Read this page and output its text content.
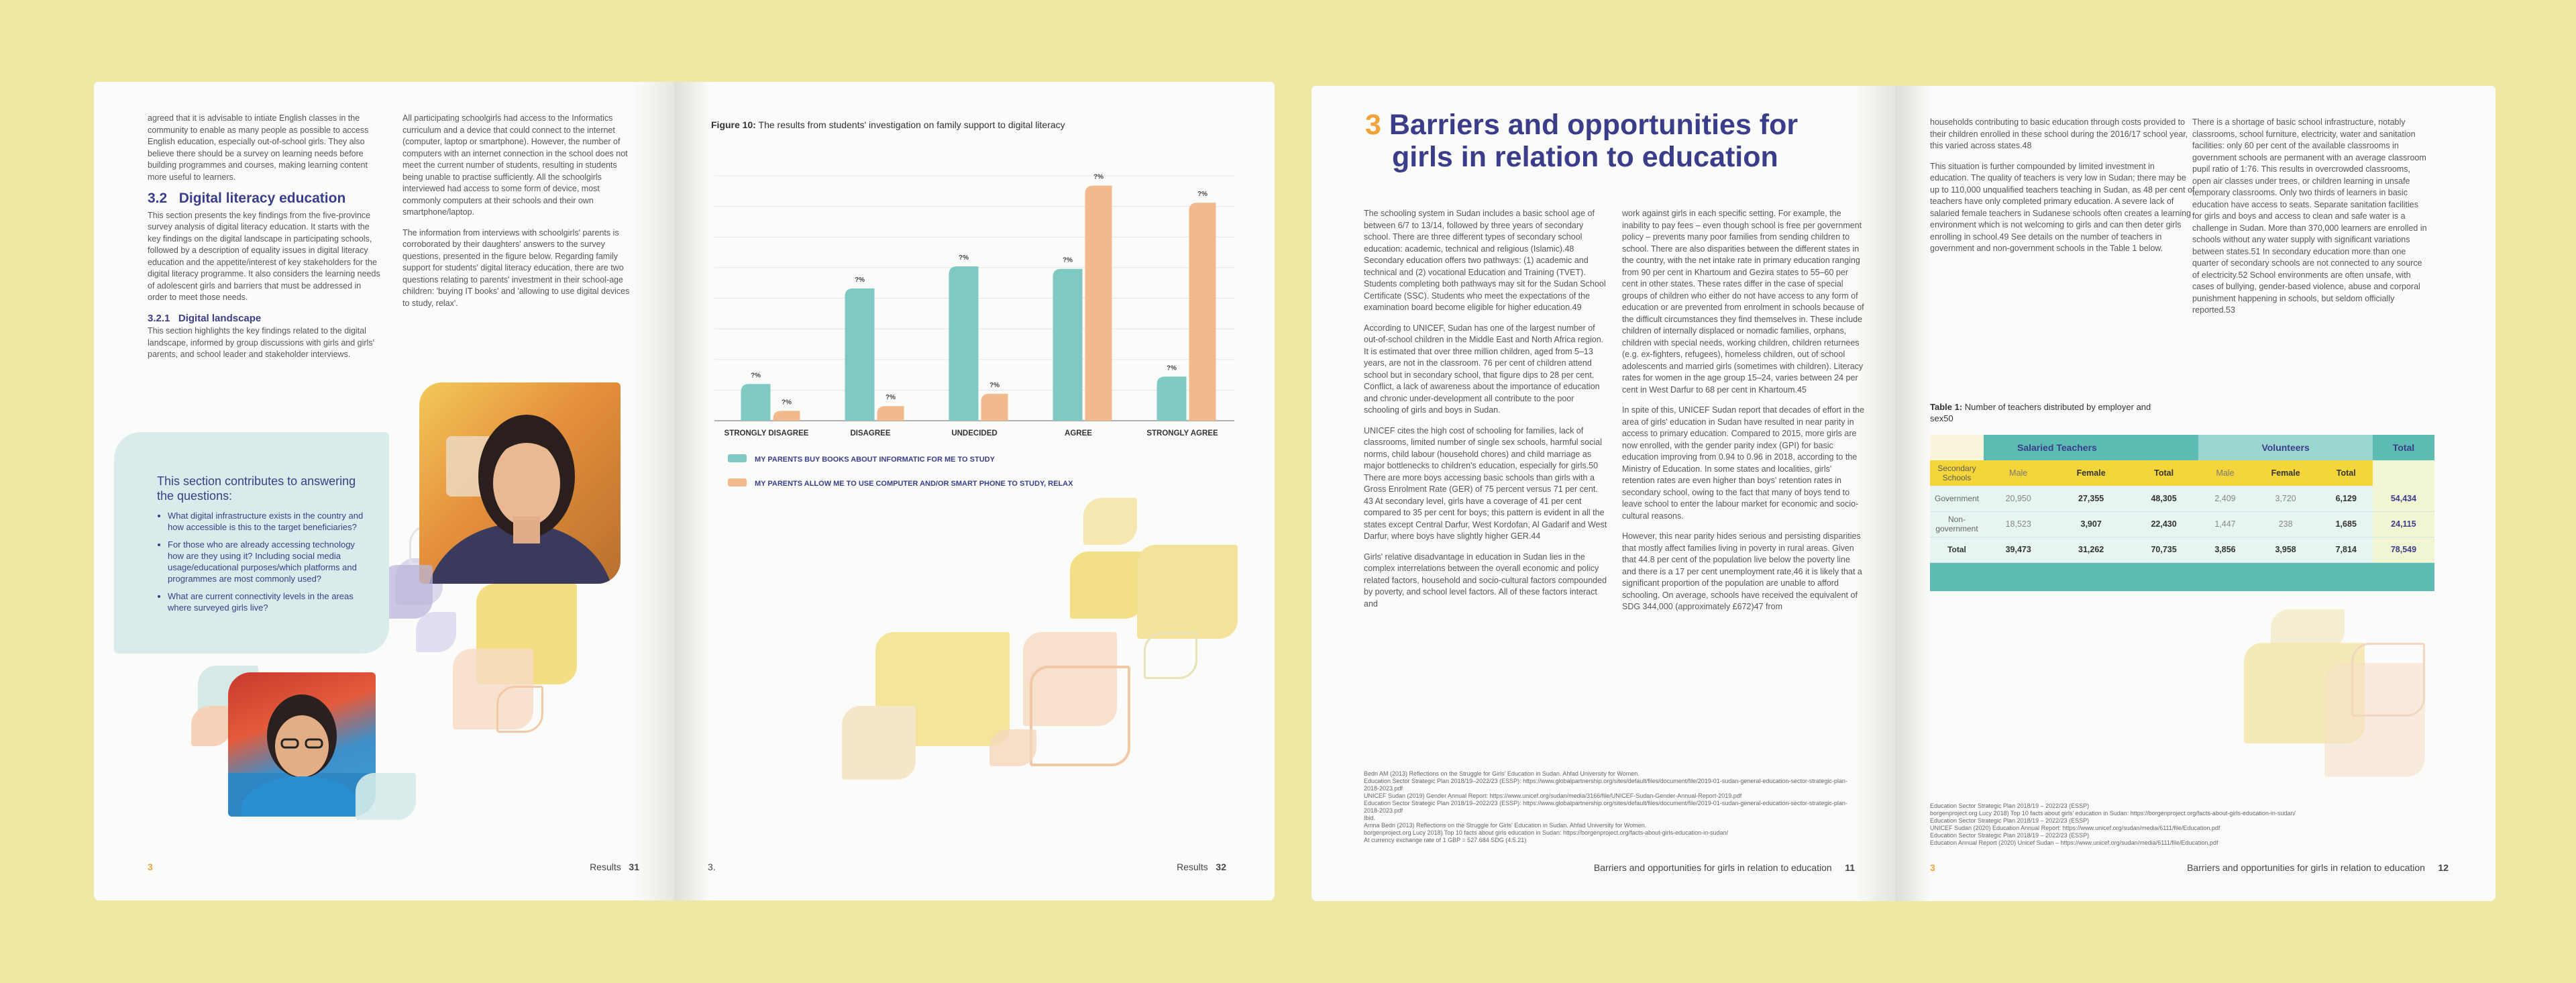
agreed that it is advisable to intiate English classes in the community to enable as many people as possible to access English education, especially out-of-school girls. They also believe there should be a survey on learning needs before building programmes and courses, making learning content more useful to learners.

3.2 Digital literacy education

This section presents the key findings from the five-province survey analysis of digital literacy education. It starts with the key findings on the digital landscape in participating schools, followed by a description of equality issues in digital literacy education and the appetite/interest of key stakeholders for the digital literacy programme. It also considers the learning needs of adolescent girls and barriers that must be addressed in order to meet those needs.

3.2.1 Digital landscape

This section highlights the key findings related to the digital landscape, informed by group discussions with girls and girls' parents, and school leader and stakeholder interviews.

All participating schoolgirls had access to the Informatics curriculum and a device that could connect to the internet (computer, laptop or smartphone). However, the number of computers with an internet connection in the school does not meet the current number of students, resulting in students being unable to practise sufficiently. All the schoolgirls interviewed had access to some form of device, most commonly computers at their schools and their own smartphone/laptop.

The information from interviews with schoolgirls' parents is corroborated by their daughters' answers to the survey questions, presented in the figure below. Regarding family support for students' digital literacy education, there are two questions relating to parents' investment in their school-age children: 'buying IT books' and 'allowing to use digital devices to study, relax'.

This section contributes to answering the questions:
• What digital infrastructure exists in the country and how accessible is this to the target beneficiaries?
• For those who are already accessing technology how are they using it? Including social media usage/educational purposes/which platforms and programmes are most commonly used?
• What are current connectivity levels in the areas where surveyed girls live?
3	Results 31
Figure 10: The results from students' investigation on family support to digital literacy
?%
?%
STRONGLY DISAGREE
?%
?%
DISAGREE
?%
?%
UNDECIDED
?%
?%
AGREE
?%
?%
STRONGLY AGREE
MY PARENTS BUY BOOKS ABOUT INFORMATIC FOR ME TO STUDY
MY PARENTS ALLOW ME TO USE COMPUTER AND/OR SMART PHONE TO STUDY, RELAX
3.	Results 32
3 Barriers and opportunities for
girls in relation to education

The schooling system in Sudan includes a basic school age of between 6/7 to 13/14, followed by three years of secondary school. There are three different types of secondary school education: academic, technical and religious (Islamic).48 Secondary education offers two pathways: (1) academic and technical and (2) vocational Education and Training (TVET). Students completing both pathways may sit for the Sudan School Certificate (SSC). Students who meet the expectations of the examination board become eligible for higher education.49

According to UNICEF, Sudan has one of the largest number of out-of-school children in the Middle East and North Africa region. It is estimated that over three million children, aged from 5–13 years, are not in the classroom. 76 per cent of children attend school but in secondary school, that figure dips to 28 per cent. Conflict, a lack of awareness about the importance of education and chronic under-development all contribute to the poor schooling of girls and boys in Sudan.

UNICEF cites the high cost of schooling for families, lack of classrooms, limited number of single sex schools, harmful social norms, child labour (household chores) and child marriage as major bottlenecks to children's education, especially for girls.50 There are more boys accessing basic schools than girls with a Gross Enrolment Rate (GER) of 75 percent versus 71 per cent. 43 At secondary level, girls have a coverage of 41 per cent compared to 35 per cent for boys; this pattern is evident in all the states except Central Darfur, West Kordofan, Al Gadarif and West Darfur, where boys have slightly higher GER.44

Girls' relative disadvantage in education in Sudan lies in the complex interrelations between the overall economic and policy related factors, household and socio-cultural factors compounded by poverty, and school level factors. All of these factors interact and

work against girls in each specific setting. For example, the inability to pay fees – even though school is free per government policy – prevents many poor families from sending children to school. There are also disparities between the different states in the country, with the net intake rate in primary education ranging from 90 per cent in Khartoum and Gezira states to 55–60 per cent in other states. These rates differ in the case of special groups of children who either do not have access to any form of education or are prevented from enrolment in schools because of the difficult circumstances they find themselves in. These include children of internally displaced or nomadic families, orphans, children with special needs, working children, children returnees (e.g. ex-fighters, refugees), homeless children, out of school adolescents and married girls (sometimes with children). Literacy rates for women in the age group 15–24, varies between 24 per cent in West Darfur to 68 per cent in Khartoum.45

In spite of this, UNICEF Sudan report that decades of effort in the area of girls' education in Sudan have resulted in near parity in access to primary education. Compared to 2015, more girls are now enrolled, with the gender parity index (GPI) for basic education improving from 0.94 to 0.96 in 2018, according to the Ministry of Education. In some states and localities, girls' retention rates are even higher than boys' retention rates in secondary school, owing to the fact that many of boys tend to leave school to enter the labour market for economic and socio-cultural reasons.

However, this near parity hides serious and persisting disparities that mostly affect families living in poverty in rural areas. Given that 44.8 per cent of the population live below the poverty line and there is a 17 per cent unemployment rate,46 it is likely that a significant proportion of the population are unable to afford schooling. On average, schools have received the equivalent of SDG 344,000 (approximately £672)47 from

Bedri AM (2013) Reflections on the Struggle for Girls' Education in Sudan. Ahfad University for Women.
Education Sector Strategic Plan 2018/19–2022/23 (ESSP): https://www.globalpartnership.org/sites/default/files/document/file/2019-01-sudan-general-education-sector-strategic-plan-2018-2023.pdf
UNICEF Sudan (2019) Gender Annual Report: https://www.unicef.org/sudan/media/3166/file/UNICEF-Sudan-Gender-Annual-Report-2019.pdf
Education Sector Strategic Plan 2018/19–2022/23 (ESSP): https://www.globalpartnership.org/sites/default/files/document/file/2019-01-sudan-general-education-sector-strategic-plan-2018-2023.pdf
Ibid.
Amna Bedri (2013) Reflections on the Struggle for Girls' Education in Sudan. Ahfad University for Women.
borgenproject.org Lucy 2018) Top 10 facts about girls education in Sudan: https://borgenproject.org/facts-about-girls-education-in-sudan/
At currency exchange rate of 1 GBP = 527.684 SDG (4.5.21)
Barriers and opportunities for girls in relation to education 11

households contributing to basic education through costs provided to their children enrolled in these school during the 2016/17 school year, this varied across states.48

This situation is further compounded by limited investment in education. The quality of teachers is very low in Sudan; there may be up to 110,000 unqualified teachers teaching in Sudan, as 48 per cent of teachers have only completed primary education. A severe lack of salaried female teachers in Sudanese schools often creates a learning environment which is not welcoming to girls and can then deter girls enrolling in school.49 See details on the number of teachers in government and non-government schools in the Table 1 below.

There is a shortage of basic school infrastructure, notably classrooms, school furniture, electricity, water and sanitation facilities: only 60 per cent of the available classrooms in government schools are permanent with an average classroom pupil ratio of 1:76. This results in overcrowded classrooms, open air classes under trees, or children learning in unsafe temporary classrooms. Only two thirds of learners in basic education have access to seats. Separate sanitation facilities for girls and boys and access to clean and safe water is a challenge in Sudan. More than 370,000 learners are enrolled in schools without any water supply with significant variations between states.51 In secondary education more than one quarter of secondary schools are not connected to any source of electricity.52 School environments are often unsafe, with cases of bullying, gender-based violence, abuse and corporal punishment happening in schools, but seldom officially reported.53

Table 1: Number of teachers distributed by employer and sex50
	Salaried Teachers			Volunteers			Total
Secondary Schools	Male	Female	Total	Male	Female	Total	
Government	20,950	27,355	48,305	2,409	3,720	6,129	54,434
Non-government	18,523	3,907	22,430	1,447	238	1,685	24,115
Total	39,473	31,262	70,735	3,856	3,958	7,814	78,549
Education Sector Strategic Plan 2018/19 – 2022/23 (ESSP)
borgenproject.org Lucy 2018) Top 10 facts about girls' education in Sudan: https://borgenproject.org/facts-about-girls-education-in-sudan/
Education Sector Strategic Plan 2018/19 – 2022/23 (ESSP)
UNICEF Sudan (2020) Education Annual Report: https://www.unicef.org/sudan/media/6111/file/Education.pdf
Education Sector Strategic Plan 2018/19 – 2022/23 (ESSP)
Education Annual Report (2020) Unicef Sudan – https://www.unicef.org/sudan/media/6111/file/Education.pdf
3	Barriers and opportunities for girls in relation to education 12
